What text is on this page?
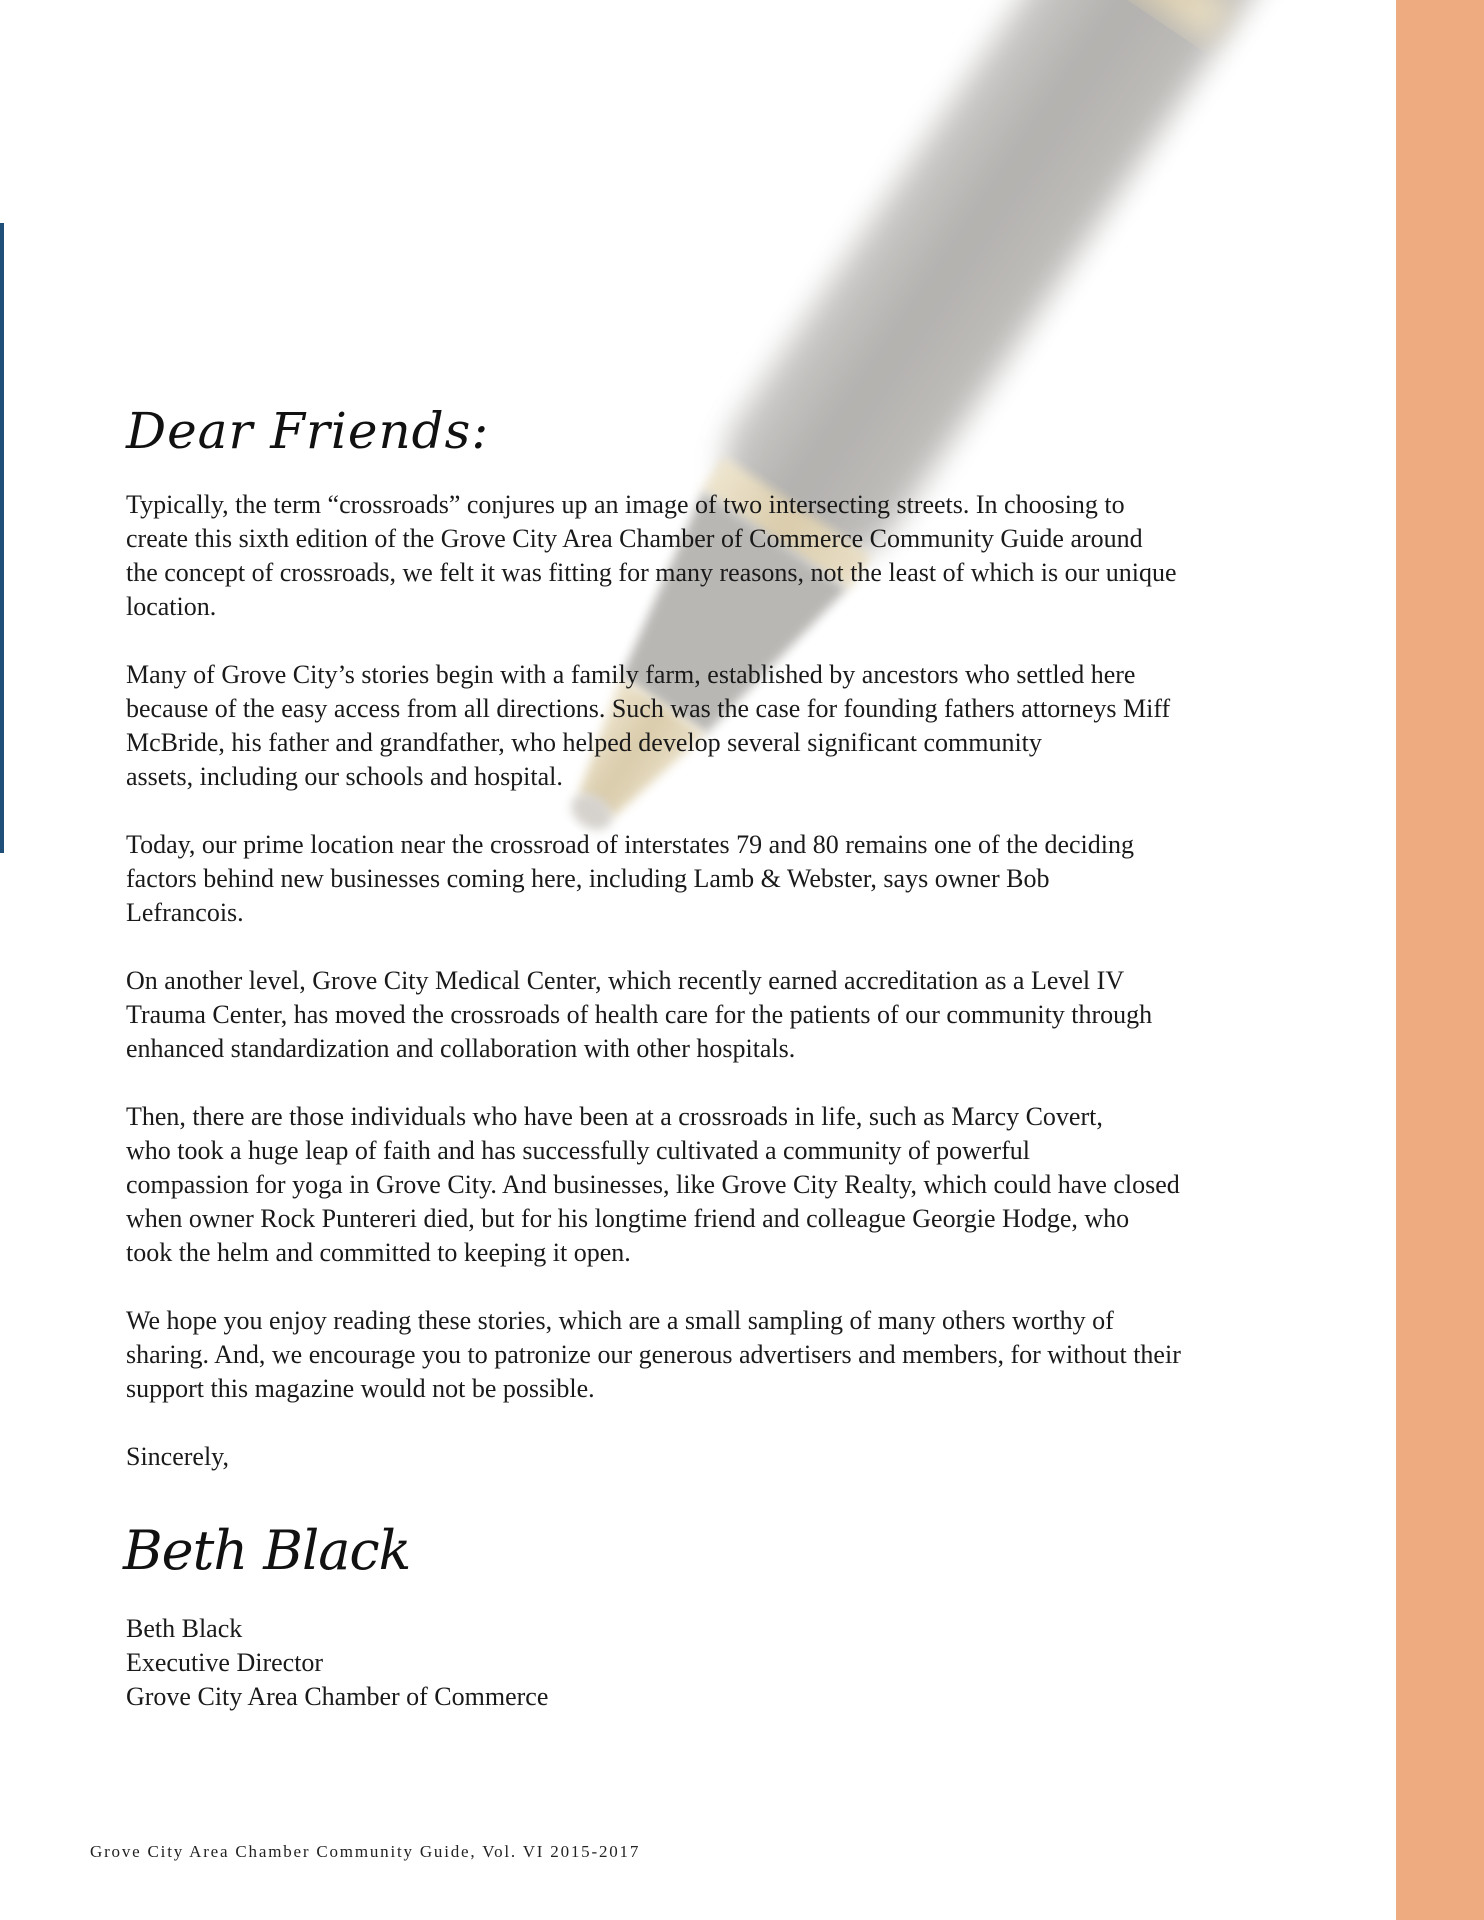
Dear Friends:
Typically, the term “crossroads” conjures up an image of two intersecting streets. In choosing to
create this sixth edition of the Grove City Area Chamber of Commerce Community Guide around
the concept of crossroads, we felt it was fitting for many reasons, not the least of which is our unique
location.
Many of Grove City’s stories begin with a family farm, established by ancestors who settled here
because of the easy access from all directions. Such was the case for founding fathers attorneys Miff
McBride, his father and grandfather, who helped develop several significant community
assets, including our schools and hospital.
Today, our prime location near the crossroad of interstates 79 and 80 remains one of the deciding
factors behind new businesses coming here, including Lamb & Webster, says owner Bob
Lefrancois.
On another level, Grove City Medical Center, which recently earned accreditation as a Level IV
Trauma Center, has moved the crossroads of health care for the patients of our community through
enhanced standardization and collaboration with other hospitals.
Then, there are those individuals who have been at a crossroads in life, such as Marcy Covert,
who took a huge leap of faith and has successfully cultivated a community of powerful
compassion for yoga in Grove City. And businesses, like Grove City Realty, which could have closed
when owner Rock Puntereri died, but for his longtime friend and colleague Georgie Hodge, who
took the helm and committed to keeping it open.
We hope you enjoy reading these stories, which are a small sampling of many others worthy of
sharing. And, we encourage you to patronize our generous advertisers and members, for without their
support this magazine would not be possible.
Sincerely,
Beth Black
Beth Black
Executive Director
Grove City Area Chamber of Commerce
Grove City Area Chamber Community Guide, Vol. VI 2015-2017
